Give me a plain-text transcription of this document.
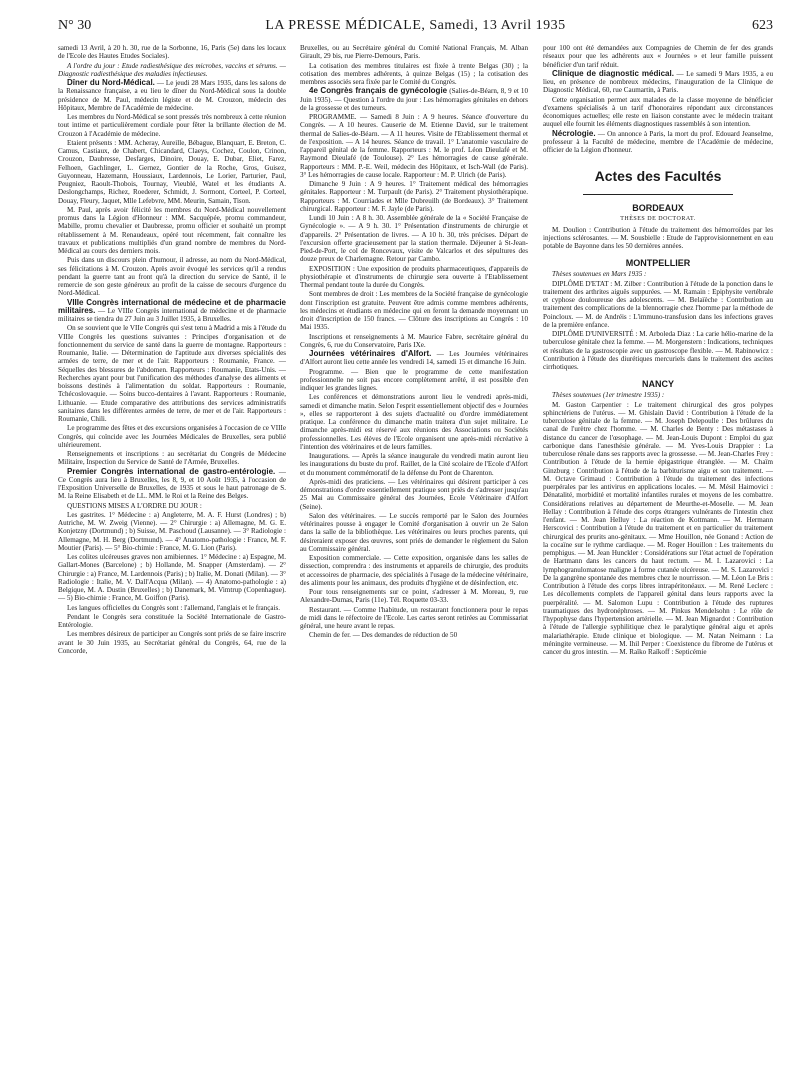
N° 30	LA PRESSE MÉDICALE, Samedi, 13 Avril 1935	623

samedi 13 Avril, à 20 h. 30, rue de la Sorbonne, 16, Paris (5e) dans les locaux de l'Ecole des Hautes Etudes Sociales).

A l'ordre du jour : Etude radiesthésique des microbes, vaccins et sérums. — Diagnostic radiesthésique des maladies infectieuses.

Dîner du Nord-Médical. — Le jeudi 28 Mars 1935, dans les salons de la Renaissance française, a eu lieu le dîner du Nord-Médical sous la double présidence de M. Paul, médecin légiste et de M. Crouzon, médecin des Hôpitaux, Membre de l'Académie de médecine.

Les membres du Nord-Médical se sont pressés très nombreux à cette réunion tout intime et particulièrement cordiale pour fêter la brillante élection de M. Crouzon à l'Académie de médecine.

Etaient présents : MM. Acheray, Aureille, Bébague, Blanquart, E. Breton, C. Camus, Castiaux, de Chabert, Chicandard, Claeys, Cochez, Coulon, Crinon, Crouzon, Daubresse, Desfarges, Dinoire, Douay, E. Dubar, Eliet, Farez, Felhoen, Gachlinger, L. Gernez, Gontier de la Roche, Gros, Guisez, Guyonneau, Hazemann, Houssiaux, Lardennois, Le Lorier, Parturier, Paul, Peugniez, Raoult-Thobois, Tournay, Vieublé, Watel et les étudiants A. Deslongchamps, Richez, Roederer, Schmidt, J. Sormont, Corteel, P. Corteel, Douay, Fleury, Jaquet, Mlle Lefebvre, MM. Meurin, Samain, Tison.

M. Paul, après avoir félicité les membres du Nord-Médical nouvellement promus dans la Légion d'Honneur : MM. Sacquépée, promu commandeur, Mabille, promu chevalier et Daubresse, promu officier et souhaité un prompt rétablissement à M. Renaudeaux, opéré tout récemment, fait connaître les travaux et publications multipliés d'un grand nombre de membres du Nord-Médical au cours des derniers mois.

Puis dans un discours plein d'humour, il adresse, au nom du Nord-Médical, ses félicitations à M. Crouzon. Après avoir évoqué les services qu'il a rendus pendant la guerre tant au front qu'à la direction du service de Santé, il le remercie de son geste généreux au profit de la caisse de secours d'urgence du Nord-Médical.

VIIIe Congrès international de médecine et de pharmacie militaires. — Le VIIIe Congrès international de médecine et de pharmacie militaires se tiendra du 27 Juin au 3 Juillet 1935, à Bruxelles.

On se souvient que le VIIe Congrès qui s'est tenu à Madrid a mis à l'étude du VIIIe Congrès les questions suivantes : Principes d'organisation et de fonctionnement du service de santé dans la guerre de montagne. Rapporteurs : Roumanie, Italie. — Détermination de l'aptitude aux diverses spécialités des armées de terre, de mer et de l'air. Rapporteurs : Roumanie, France. — Séquelles des blessures de l'abdomen. Rapporteurs : Roumanie, Etats-Unis. — Recherches ayant pour but l'unification des méthodes d'analyse des aliments et boissons destinés à l'alimentation du soldat. Rapporteurs : Roumanie, Tchécoslovaquie. — Soins bucco-dentaires à l'avant. Rapporteurs : Roumanie, Lithuanie. — Etude comparative des attributions des services administratifs sanitaires dans les différentes armées de terre, de mer et de l'air. Rapporteurs : Roumanie, Chili.

Le programme des fêtes et des excursions organisées à l'occasion de ce VIIIe Congrès, qui coïncide avec les Journées Médicales de Bruxelles, sera publié ultérieurement.

Renseignements et inscriptions : au secrétariat du Congrès de Médecine Militaire, Inspection du Service de Santé de l'Armée, Bruxelles.

Premier Congrès international de gastro-entérologie. — Ce Congrès aura lieu à Bruxelles, les 8, 9, et 10 Août 1935, à l'occasion de l'Exposition Universelle de Bruxelles, de 1935 et sous le haut patronage de S. M. la Reine Elisabeth et de LL. MM. le Roi et la Reine des Belges.

QUESTIONS MISES A L'ORDRE DU JOUR :

Les gastrites. 1° Médecine : a) Angleterre, M. A. F. Hurst (Londres) ; b) Autriche, M. W. Zweig (Vienne). — 2° Chirurgie : a) Allemagne, M. G. E. Konjetzny (Dortmund) ; b) Suisse, M. Paschoud (Lausanne). — 3° Radiologie : Allemagne, M. H. Berg (Dortmund). — 4° Anatomo-pathologie : France, M. F. Moutier (Paris). — 5° Bio-chimie : France, M. G. Lion (Paris).

Les colites ulcéreuses graves non amibiennes. 1° Médecine : a) Espagne, M. Gallart-Mones (Barcelone) ; b) Hollande, M. Snapper (Amsterdam). — 2° Chirurgie : a) France, M. Lardennois (Paris) ; b) Italie, M. Donati (Milan). — 3° Radiologie : Italie, M. V. Dall'Acqua (Milan). — 4) Anatomo-pathologie : a) Belgique, M. A. Dustin (Bruxelles) ; b) Danemark, M. Vimtrup (Copenhague). — 5) Bio-chimie : France, M. Goiffon (Paris).

Les langues officielles du Congrès sont : l'allemand, l'anglais et le français.

Pendant le Congrès sera constituée la Société Internationale de Gastro-Entérologie.

Les membres désireux de participer au Congrès sont priés de se faire inscrire avant le 30 Juin 1935, au Secrétariat général du Congrès, 64, rue de la Concorde,

Bruxelles, ou au Secrétaire général du Comité National Français, M. Alban Girault, 29 bis, rue Pierre-Demours, Paris.

La cotisation des membres titulaires est fixée à trente Belgas (30) ; la cotisation des membres adhérents, à quinze Belgas (15) ; la cotisation des membres associés sera fixée par le Comité du Congrès.

4e Congrès français de gynécologie (Salies-de-Béarn, 8, 9 et 10 Juin 1935). — Question à l'ordre du jour : Les hémorragies génitales en dehors de la grossesse et des tumeurs.

PROGRAMME. — Samedi 8 Juin : A 9 heures. Séance d'ouverture du Congrès. — A 10 heures. Causerie de M. Etienne David, sur le traitement thermal de Salies-de-Béarn. — A 11 heures. Visite de l'Etablissement thermal et de l'exposition. — A 14 heures. Séance de travail. 1° L'anatomie vasculaire de l'appareil génital de la femme. Rapporteurs : M. le prof. Léon Dieulafé et M. Raymond Dieulafé (de Toulouse). 2° Les hémorragies de cause générale. Rapporteurs : MM. P.-E. Weil, médecin des Hôpitaux, et Isch-Wall (de Paris). 3° Les hémorragies de cause locale. Rapporteur : M. P. Ulrich (de Paris).

Dimanche 9 Juin : A 9 heures. 1° Traitement médical des hémorragies génitales. Rapporteur : M. Turpault (de Paris). 2° Traitement physiothérapique. Rapporteurs : M. Courriades et Mlle Dubreuilh (de Bordeaux). 3° Traitement chirurgical. Rapporteur : M. F. Jayle (de Paris).

Lundi 10 Juin : A 8 h. 30. Assemblée générale de la « Société Française de Gynécologie ». — A 9 h. 30. 1° Présentation d'instruments de chirurgie et d'appareils. 2° Présentation de livres. — A 10 h. 30, très précises. Départ de l'excursion offerte gracieusement par la station thermale. Déjeuner à St-Jean-Pied-de-Port, le col de Roncevaux, visite de Valcarlos et des sépultures des douze preux de Charlemagne. Retour par Cambo.

EXPOSITION : Une exposition de produits pharmaceutiques, d'appareils de physiothérapie et d'instruments de chirurgie sera ouverte à l'Etablissement Thermal pendant toute la durée du Congrès.

Sont membres de droit : Les membres de la Société française de gynécologie dont l'inscription est gratuite. Peuvent être admis comme membres adhérents, les médecins et étudiants en médecine qui en feront la demande moyennant un droit d'inscription de 150 francs. — Clôture des inscriptions au Congrès : 10 Mai 1935.

Inscriptions et renseignements à M. Maurice Fabre, secrétaire général du Congrès, 6, rue du Conservatoire, Paris IXe.

Journées vétérinaires d'Alfort. — Les Journées vétérinaires d'Alfort auront lieu cette année les vendredi 14, samedi 15 et dimanche 16 Juin.

Programme. — Bien que le programme de cette manifestation professionnelle ne soit pas encore complètement arrêté, il est possible d'en indiquer les grandes lignes.

Les conférences et démonstrations auront lieu le vendredi après-midi, samedi et dimanche matin. Selon l'esprit essentiellement objectif des « Journées », elles se rapporteront à des sujets d'actualité ou d'ordre immédiatement pratique. La conférence du dimanche matin traitera d'un sujet militaire. Le dimanche après-midi est réservé aux réunions des Associations ou Sociétés professionnelles. Les élèves de l'Ecole organisent une après-midi récréative à l'intention des vétérinaires et de leurs familles.

Inaugurations. — Après la séance inaugurale du vendredi matin auront lieu les inaugurations du buste du prof. Raillet, de la Cité scolaire de l'Ecole d'Alfort et du monument commémoratif de la défense du Pont de Charenton.

Après-midi des praticiens. — Les vétérinaires qui désirent participer à ces démonstrations d'ordre essentiellement pratique sont priés de s'adresser jusqu'au 25 Mai au Commissaire général des Journées, Ecole Vétérinaire d'Alfort (Seine).

Salon des vétérinaires. — Le succès remporté par le Salon des Journées vétérinaires pousse à engager le Comité d'organisation à ouvrir un 2e Salon dans la salle de la bibliothèque. Les vétérinaires ou leurs proches parents, qui désireraient exposer des œuvres, sont priés de demander le règlement du Salon au Commissaire général.

Exposition commerciale. — Cette exposition, organisée dans les salles de dissection, comprendra : des instruments et appareils de chirurgie, des produits et accessoires de pharmacie, des spécialités à l'usage de la médecine vétérinaire, des aliments pour les animaux, des produits d'hygiène et de désinfection, etc.

Pour tous renseignements sur ce point, s'adresser à M. Moreau, 9, rue Alexandre-Dumas, Paris (11e). Tél. Roquette 03-33.

Restaurant. — Comme l'habitude, un restaurant fonctionnera pour le repas de midi dans le réfectoire de l'Ecole. Les cartes seront retirées au Commissariat général, une heure avant le repas.

Chemin de fer. — Des demandes de réduction de 50

pour 100 ont été demandées aux Compagnies de Chemin de fer des grands réseaux pour que les adhérents aux « Journées » et leur famille puissent bénéficier d'un tarif réduit.

Clinique de diagnostic médical. — Le samedi 9 Mars 1935, a eu lieu, en présence de nombreux médecins, l'inauguration de la Clinique de Diagnostic Médical, 60, rue Caumartin, à Paris.

Cette organisation permet aux malades de la classe moyenne de bénéficier d'examens spécialisés à un tarif d'honoraires répondant aux circonstances économiques actuelles; elle reste en liaison constante avec le médecin traitant auquel elle fournit les éléments diagnostiques rassemblés à son intention.

Nécrologie. — On annonce à Paris, la mort du prof. Edouard Jeanselme, professeur à la Faculté de médecine, membre de l'Académie de médecine, officier de la Légion d'honneur.

Actes des Facultés
BORDEAUX
THÈSES DE DOCTORAT.

M. Doulion : Contribution à l'étude du traitement des hémorroïdes par les injections sclérosantes. — M. Sousbielle : Etude de l'approvisionnement en eau potable de Bayonne dans les 50 dernières années.

MONTPELLIER

Thèses soutenues en Mars 1935 :

DIPLÔME D'ETAT : M. Zilber : Contribution à l'étude de la ponction dans le traitement des arthrites aiguës suppurées. — M. Ramain : Epiphysite vertébrale et cyphose douloureuse des adolescents. — M. Belaïèche : Contribution au traitement des complications de la blennorragie chez l'homme par la méthode de Poincloux. — M. de Andréis : L'immuno-transfusion dans les infections graves de la première enfance.

DIPLÔME D'UNIVERSITÉ : M. Arboleda Diaz : La carie hélio-marine de la tuberculose génitale chez la femme. — M. Morgenstern : Indications, techniques et résultats de la gastroscopie avec un gastroscope flexible. — M. Rabinowicz : Contribution à l'étude des diurétiques mercuriels dans le traitement des ascites cirrhotiques.

NANCY

Thèses soutenues (1er trimestre 1935) :

M. Gaston Carpentier : Le traitement chirurgical des gros polypes sphinctériens de l'utérus. — M. Ghislain David : Contribution à l'étude de la tuberculose génitale de la femme. — M. Joseph Delepoulle : Des brûlures du canal de l'urètre chez l'homme. — M. Charles de Benty : Des métastases à distance du cancer de l'œsophage. — M. Jean-Louis Dupont : Emploi du gaz carbonique dans l'anesthésie générale. — M. Yves-Louis Drappier : La tuberculose rénale dans ses rapports avec la grossesse. — M. Jean-Charles Frey : Contribution à l'étude de la hernie épigastrique étranglée. — M. Chaïm Ginzburg : Contribution à l'étude de la barbiturisme aigu et son traitement. — M. Octave Grimaud : Contribution à l'étude du traitement des infections puerpérales par les antivirus en applications locales. — M. Mésil Haimovici : Dénatalité, morbidité et mortalité infantiles rurales et moyens de les combattre. Considérations relatives au département de Meurthe-et-Moselle. — M. Jean Hellay : Contribution à l'étude des corps étrangers vulnérants de l'intestin chez l'enfant. — M. Jean Helluy : La réaction de Kottmann. — M. Hermann Herscovici : Contribution à l'étude du traitement et en particulier du traitement chirurgical des prurits ano-génitaux. — Mme Houillon, née Gonand : Action de la cocaïne sur le rythme cardiaque. — M. Roger Houillon : Les traitements du pemphigus. — M. Jean Hunckler : Considérations sur l'état actuel de l'opération de Hartmann dans les cancers du haut rectum. — M. I. Lazarovici : La lymphogranulomatose maligne à forme cutanée ulcéreuse. — M. S. Lazarovici : De la gangrène spontanée des membres chez le nourrisson. — M. Léon Le Bris : Contribution à l'étude des corps libres intrapéritonéaux. — M. René Leclerc : Les décollements complets de l'appareil génital dans leurs rapports avec la puerpéralité. — M. Salomon Lupu : Contribution à l'étude des ruptures traumatiques des hydronéphroses. — M. Pinkus Mendelsohn : Le rôle de l'hypophyse dans l'hypertension artérielle. — M. Jean Mignardot : Contribution à l'étude de l'allergie syphilitique chez le paralytique général aigu et après malariathérapie. Etude clinique et biologique. — M. Natan Neimann : La méningite vermineuse. — M. Ihil Perper : Coexistence du fibrome de l'utérus et cancer du gros intestin. — M. Raïko Raïkoff : Septicémie
